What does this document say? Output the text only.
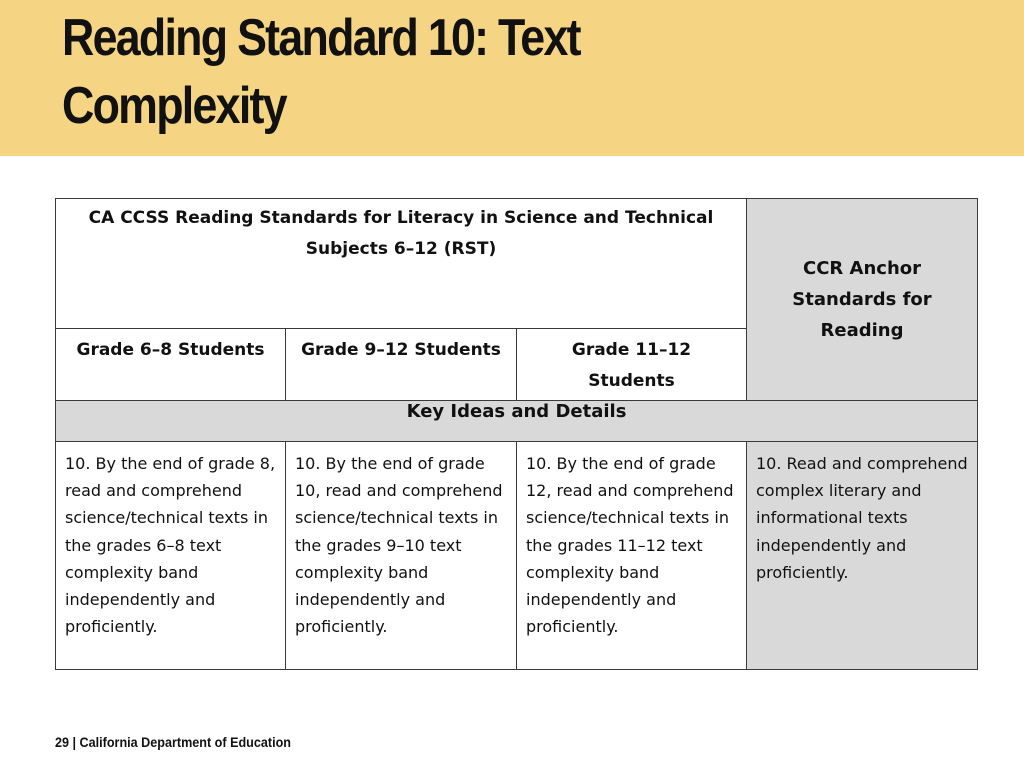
Reading Standard 10: Text
Complexity
CA CCSS Reading Standards for Literacy in Science and Technical Subjects 6–12 (RST)			CCR Anchor Standards for Reading
Grade 6–8 Students	Grade 9–12 Students	Grade 11–12 Students	
Key Ideas and Details			
10. By the end of grade 8, read and comprehend science/technical texts in the grades 6–8 text complexity band independently and proficiently.	10. By the end of grade 10, read and comprehend science/technical texts in the grades 9–10 text complexity band independently and proficiently.	10. By the end of grade 12, read and comprehend science/technical texts in the grades 11–12 text complexity band independently and proficiently.	10. Read and comprehend complex literary and informational texts independently and proficiently.
29 | California Department of Education
